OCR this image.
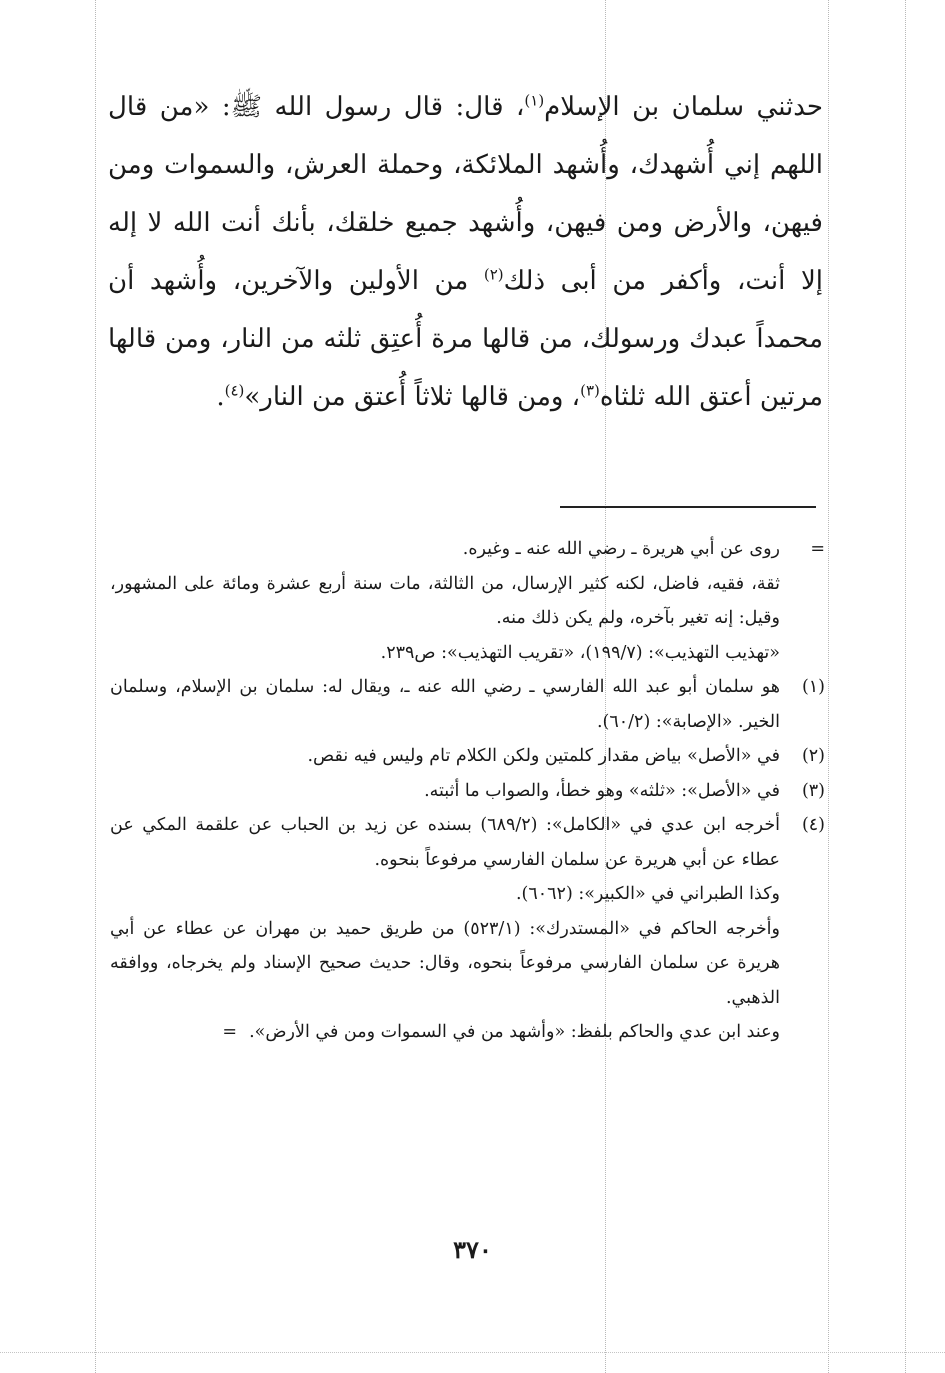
حدثني سلمان بن الإسلام$^{(١)}$، قال: قال رسول الله ﷺ: «من قال اللهم إني أُشهدك، وأُشهد الملائكة، وحملة العرش، والسموات ومن فيهن، والأرض ومن فيهن، وأُشهد جميع خلقك، بأنك أنت الله لا إله إلا أنت، وأكفر من أبى ذلك$^{(٢)}$ من الأولين والآخرين، وأُشهد أن محمداً عبدك ورسولك، من قالها مرة أُعتِق ثلثه من النار، ومن قالها مرتين أعتق الله ثلثاه$^{(٣)}$، ومن قالها ثلاثاً أُعتق من النار»$^{(٤)}$.

=
روى عن أبي هريرة ـ رضي الله عنه ـ وغيره.
ثقة، فقيه، فاضل، لكنه كثير الإرسال، من الثالثة، مات سنة أربع عشرة ومائة على المشهور، وقيل: إنه تغير بآخره، ولم يكن ذلك منه.
«تهذيب التهذيب»: (١٩٩/٧)، «تقريب التهذيب»: ص٢٣٩.
(١)
هو سلمان أبو عبد الله الفارسي ـ رضي الله عنه ـ، ويقال له: سلمان بن الإسلام، وسلمان الخير. «الإصابة»: (٦٠/٢).
(٢)
في «الأصل» بياض مقدار كلمتين ولكن الكلام تام وليس فيه نقص.
(٣)
في «الأصل»: «ثلثه» وهو خطأ، والصواب ما أثبته.
(٤)
أخرجه ابن عدي في «الكامل»: (٦٨٩/٢) بسنده عن زيد بن الحباب عن علقمة المكي عن عطاء عن أبي هريرة عن سلمان الفارسي مرفوعاً بنحوه.
وكذا الطبراني في «الكبير»: (٦٠٦٢).
وأخرجه الحاكم في «المستدرك»: (٥٢٣/١) من طريق حميد بن مهران عن عطاء عن أبي هريرة عن سلمان الفارسي مرفوعاً بنحوه، وقال: حديث صحيح الإسناد ولم يخرجاه، ووافقه الذهبي.
وعند ابن عدي والحاكم بلفظ: «وأشهد من في السموات ومن في الأرض».=
٣٧٠
